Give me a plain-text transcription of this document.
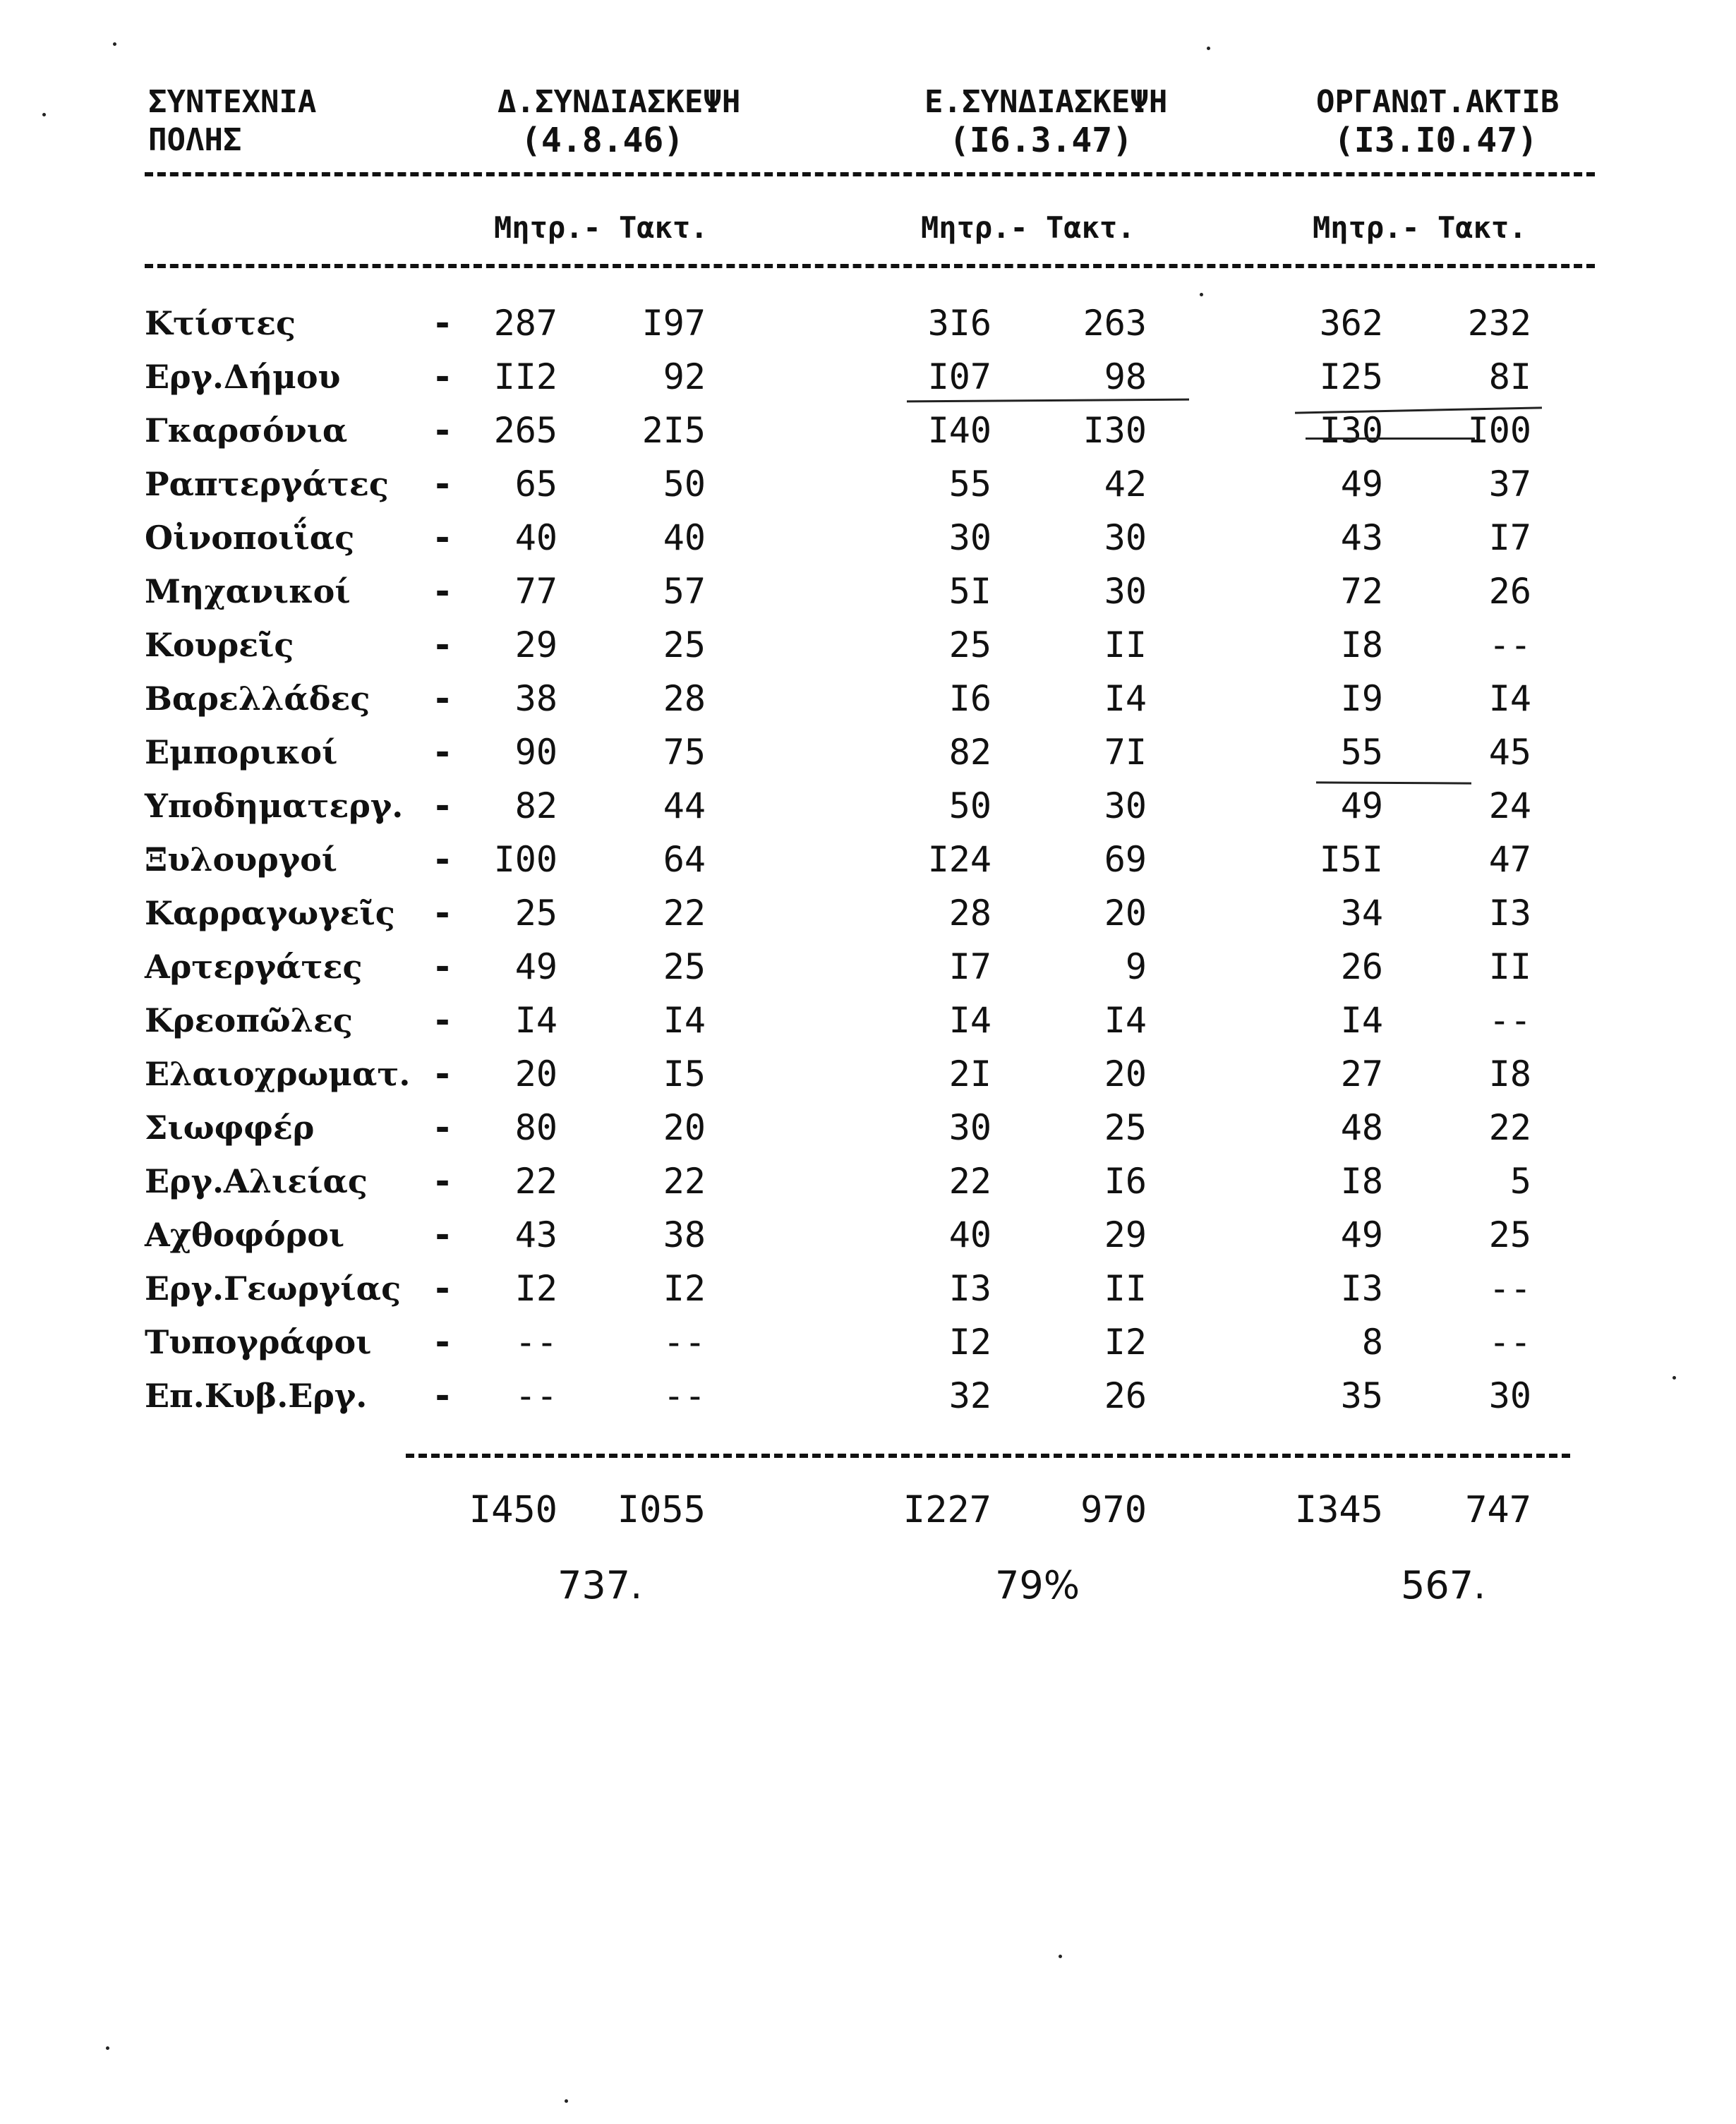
ΣΥΝΤΕΧΝΙΑ
ΠΟΛΗΣ
Δ.ΣΥΝΔΙΑΣΚΕΨΗ
(4.8.46)
Ε.ΣΥΝΔΙΑΣΚΕΨΗ
(Ι6.3.47)
ΟΡΓΑΝΩΤ.ΑΚΤΙΒ
(Ι3.Ι0.47)
Μητρ.- Τακτ.	Μητρ.- Τακτ.	Μητρ.- Τακτ.
Κτίστες	-	287	Ι97	3Ι6	263	362	232
Εργ.Δήμου	-	ΙΙ2	92	Ι07	98	Ι25	8Ι
Γκαρσόνια -	265	2Ι5	Ι40	Ι30	Ι30	Ι00
Ραπτεργάτες -	65	50	55	42	49	37
Οἰνοποιΐας -	40	40	30	30	43	Ι7
Μηχανικοί -	77	57	5Ι	30	72	26
Κουρεῖς	-	29	25	25	ΙΙ	Ι8	--
Βαρελλάδες -	38	28	Ι6	Ι4	Ι9	Ι4
Εμπορικοί	-	90	75	82	7Ι	55	45
Υποδηματεργ. -	82	44	50	30	49	24
Ξυλουργοί	-	Ι00	64	Ι24	69	Ι5Ι	47
Καρραγωγεῖς -	25	22	28	20	34	Ι3
Αρτεργάτες -	49	25	Ι7	9	26	ΙΙ
Κρεοπῶλες -	Ι4	Ι4	Ι4	Ι4	Ι4	--
Ελαιοχρωματ. -	20	Ι5	2Ι	20	27	Ι8
Σιωφφέρ	-	80	20	30	25	48	22
Εργ.Αλιείας -	22	22	22	Ι6	Ι8	5
Αχθοφόροι -	43	38	40	29	49	25
Εργ.Γεωργίας -	Ι2	Ι2	Ι3	ΙΙ	Ι3	--
Τυπογράφοι -	--	--	Ι2	Ι2	8	--
Επ.Κυβ.Εργ. -	--	--	32	26	35	30
Ι450	Ι055	Ι227	970	Ι345	747
737.	79%	567.
